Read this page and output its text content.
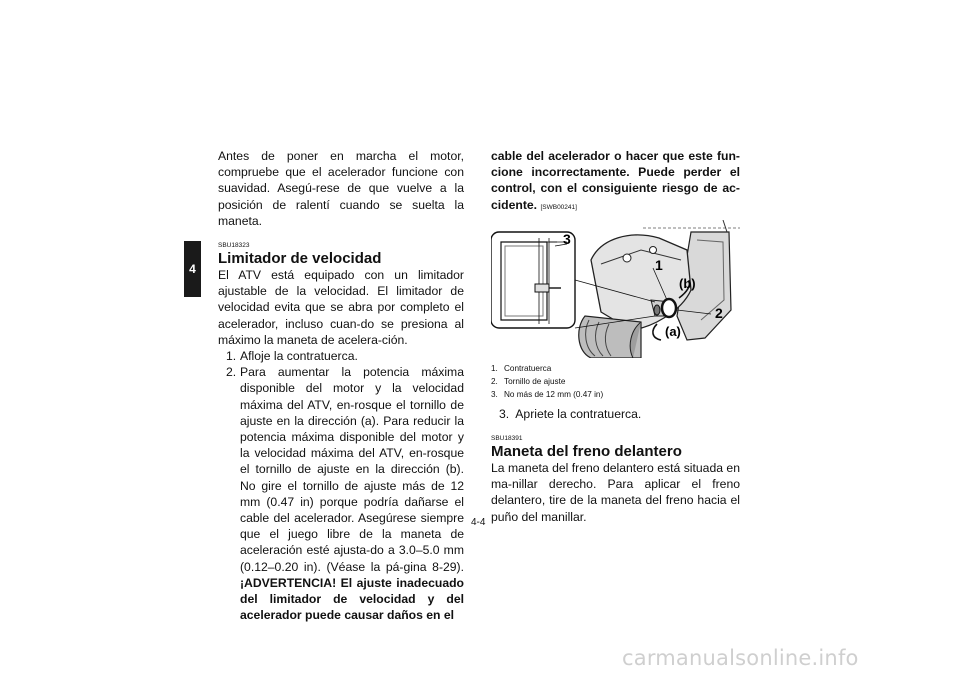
4

Antes de poner en marcha el motor, compruebe que el acelerador funcione con suavidad. Asegú-rese de que vuelve a la posición de ralentí cuando se suelta la maneta.

SBU18323
Limitador de velocidad

El ATV está equipado con un limitador ajustable de la velocidad. El limitador de velocidad evita que se abra por completo el acelerador, incluso cuan-do se presiona al máximo la maneta de acelera-ción.

1. Afloje la contratuerca.
2. Para aumentar la potencia máxima disponible del motor y la velocidad máxima del ATV, en-rosque el tornillo de ajuste en la dirección (a). Para reducir la potencia máxima disponible del motor y la velocidad máxima del ATV, en-rosque el tornillo de ajuste en la dirección (b). No gire el tornillo de ajuste más de 12 mm (0.47 in) porque podría dañarse el cable del acelerador. Asegúrese siempre que el juego libre de la maneta de aceleración esté ajusta-do a 3.0–5.0 mm (0.12–0.20 in). (Véase la pá-gina 8-29). ¡ADVERTENCIA! El ajuste inadecuado del limitador de velocidad y del acelerador puede causar daños en el

cable del acelerador o hacer que este fun-cione incorrectamente. Puede perder el control, con el consiguiente riesgo de ac-cidente. [SWB00241]

3
1
(b)
2
(a)
1. Contratuerca
2. Tornillo de ajuste
3. No más de 12 mm (0.47 in)
3. Apriete la contratuerca.
SBU18391
Maneta del freno delantero

La maneta del freno delantero está situada en ma-nillar derecho. Para aplicar el freno delantero, tire de la maneta del freno hacia el puño del manillar.

4-4
carmanualsonline.info
